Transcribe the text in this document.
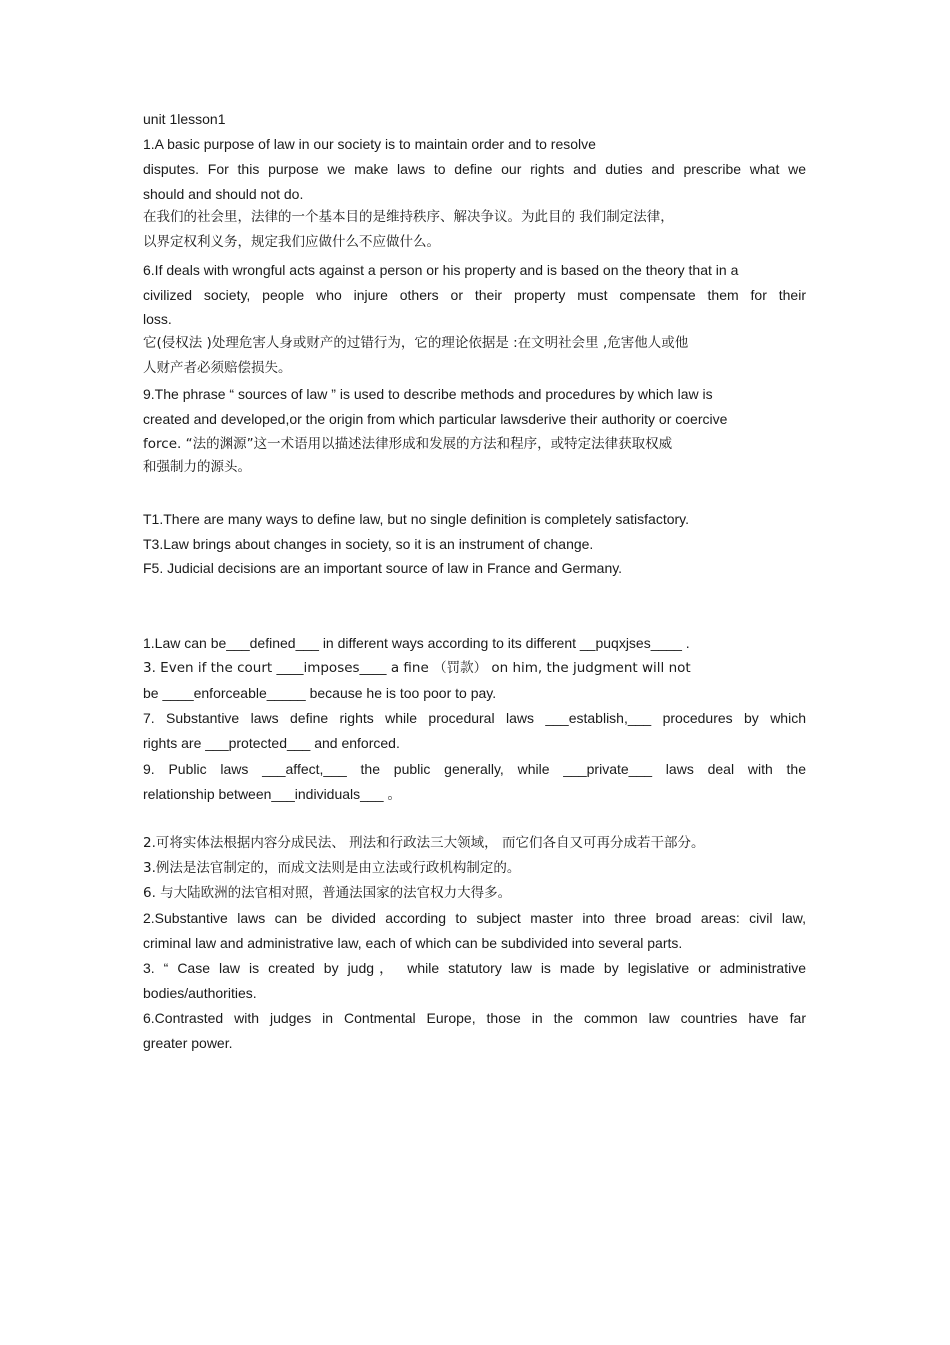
unit 1lesson1
1.A basic purpose of law in our society is to maintain order and to resolve
disputes. For this purpose we make laws to define our rights and duties and prescribe what we
should and should not do.
在我们的社会里，法律的一个基本目的是维持秩序、解决争议。为此目的 我们制定法律，
以界定权利义务，规定我们应做什么不应做什么。
6.If deals with wrongful acts against a person or his property and is based on the theory that in a
civilized society, people who injure others or their property must compensate them for their
loss.
它(侵权法 )处理危害人身或财产的过错行为，它的理论依据是 :在文明社会里 ,危害他人或他
人财产者必须赔偿损失。
9.The phrase “ sources of law ” is used to describe methods and procedures by which law is
created and developed,or the origin from which particular lawsderive their authority or coercive
force. “法的渊源”这一术语用以描述法律形成和发展的方法和程序，或特定法律获取权威
和强制力的源头。
T1.There are many ways to define law, but no single definition is completely satisfactory.
T3.Law brings about changes in society, so it is an instrument of change.
F5. Judicial decisions are an important source of law in France and Germany.
1.Law can be___defined___ in different ways according to its different __puqxjses____ .
3. Even if the court ____imposes____ a fine （罚款） on him, the judgment will not
be ____enforceable_____ because he is too poor to pay.
7. Substantive laws define rights while procedural laws ___establish,___ procedures by which
rights are ___protected___ and enforced.
9. Public laws ___affect,___ the public generally, while ___private___ laws deal with the
relationship between___individuals___ 。
2.可将实体法根据内容分成民法、 刑法和行政法三大领域， 而它们各自又可再分成若干部分。
3.例法是法官制定的，而成文法则是由立法或行政机构制定的。
6. 与大陆欧洲的法官相对照，普通法国家的法官权力大得多。
2.Substantive laws can be divided according to subject master into three broad areas: civil law,
criminal law and administrative law, each of which can be subdivided into several parts.
3. “ Case law is created by judg， while statutory law is made by legislative or administrative
bodies/authorities.
6.Contrasted with judges in Contmental Europe, those in the common law countries have far
greater power.
